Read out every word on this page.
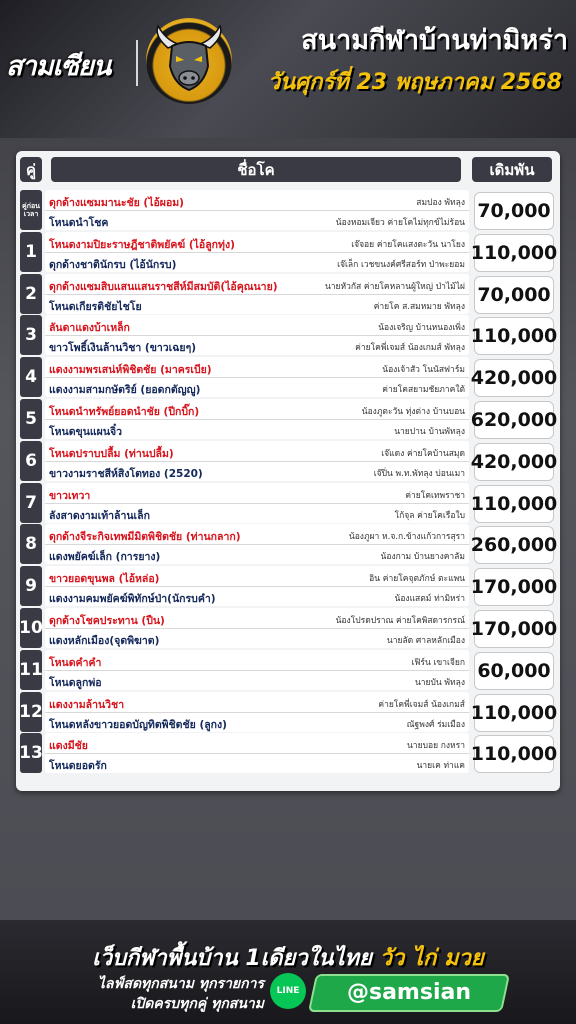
สามเซียน
สนามกีฬาบ้านท่ามิหร่า
วันศุกร์ที่ 23 พฤษภาคม 2568
คู่	ชื่อโค	เดิมพัน
คู่ก่อนเวลา
ดุกด้างแซมมานะชัย (ไอ้ผอม)	สมปอง พัทลุง
โหนดนำโชค	น้องหอมเจียว ค่ายโคไม่ทุกข์ไม่ร้อน
70,000
1	โหนดงามปิยะราษฎีชาติพยัคฆ์ (ไอ้ลูกทุ่ง)	เจ๊จอย ค่ายโคแสงตะวัน นาโยง
ดุกด้างชาตินักรบ (ไอ้นักรบ)	เจ๊เล็ก เวชขนงค์ศรีสอร์ท ป่าพะยอม
110,000
2	ดุกด้างแซมสิบแสนแสนราชสีห์มีสมบัติ(ไอ้คุณนาย)	นายหัวกัส ค่ายโคหลานผู้ใหญ่ ป่าไม้ไผ่
โหนดเกียรติชัยไชโย	ค่ายโค ส.สมหมาย พัทลุง
70,000
3	ลันดาแดงบ้าเหล็ก	น้องเจริญ บ้านหนองเพิ่ง
ขาวโพธิ์เงินล้านวิชา (ขาวเฉยๆ)	ค่ายโคพี่เจมส์ น้องเกมส์ พัทลุง
110,000
4	แดงงามพรเสน่ห์พิชิตชัย (มาครเบีย)	น้องเจ้าสัว โนนัสฟาร์ม
แดงงามสามกษัตริย์ (ยอดกตัญญู)	ค่ายโคสยามชัยภาคใต้
420,000
5	โหนดนำทรัพย์ยอดนำชัย (ปีกบิ๊ก)	น้องภูตะวัน ทุ่งต่าง บ้านบอน
โหนดขุนแผนจิ๋ว	นายปาน บ้านพัทลุง
620,000
6	โหนดปราบปลื้ม (ท่านปลื้ม)	เจ๊แดง ค่ายโคบ้านสมุด
ขาวงามราชสีห์สิงโตทอง (2520)	เจ๊ปิ่น พ.ท.พัทลุง บ่อนเมา
420,000
7	ขาวเทวา	ค่ายโคเทพราชา
ลังสาดงามเท้าล้านเล็ก	โก้จุล ค่ายโคเรือใบ
110,000
8	ดุกด้างจีระกิจเทพมีมิตพิชิตชัย (ท่านกลาก)	น้องภูผา ห.จ.ก.ข้างแก้วการสุรา
แดงพยัคฆ์เล็ก (การยาง)	น้องกาม บ้านยางคาลัม
260,000
9	ขาวยอดขุนพล (ไอ้หล่อ)	อิน ค่ายโคจุตภักษ์ ตะแพน
แดงงามคมพยัคฆ์พิทักษ์ป่า(นักรบคำ)	น้องแสตม์ ท่ามิหร่า
170,000
10 ดุกด้างโชคประทาน (ปืน)	น้องโปรดปราณ ค่ายโคพิสดารกรณ์
แดงหลักเมือง(จุดพิฆาต)	นายลัด ศาลหลักเมือง
170,000
11 โหนดคำคำ	เฟิร์น เขาเจียก
โหนดลูกพ่อ	นายบัน พัทลุง
60,000
12 แดงงามล้านวิชา	ค่ายโคพี่เจมส์ น้องเกมส์
โหนดหลังขาวยอดบัญทิตพิชิตชัย (ลูกง)	ณัฐพงศ์ ร่มเมือง
110,000
13 แดงมีชัย	นายบอย กงหรา
โหนดยอดรัก	นายเค ท่าแค
110,000
เว็บกีฬาพื้นบ้าน 1เดียวในไทย วัว ไก่ มวย
ไลฟ์สดทุกสนาม ทุกรายการ
เปิดครบทุกคู่ ทุกสนาม
LINE	@samsian
